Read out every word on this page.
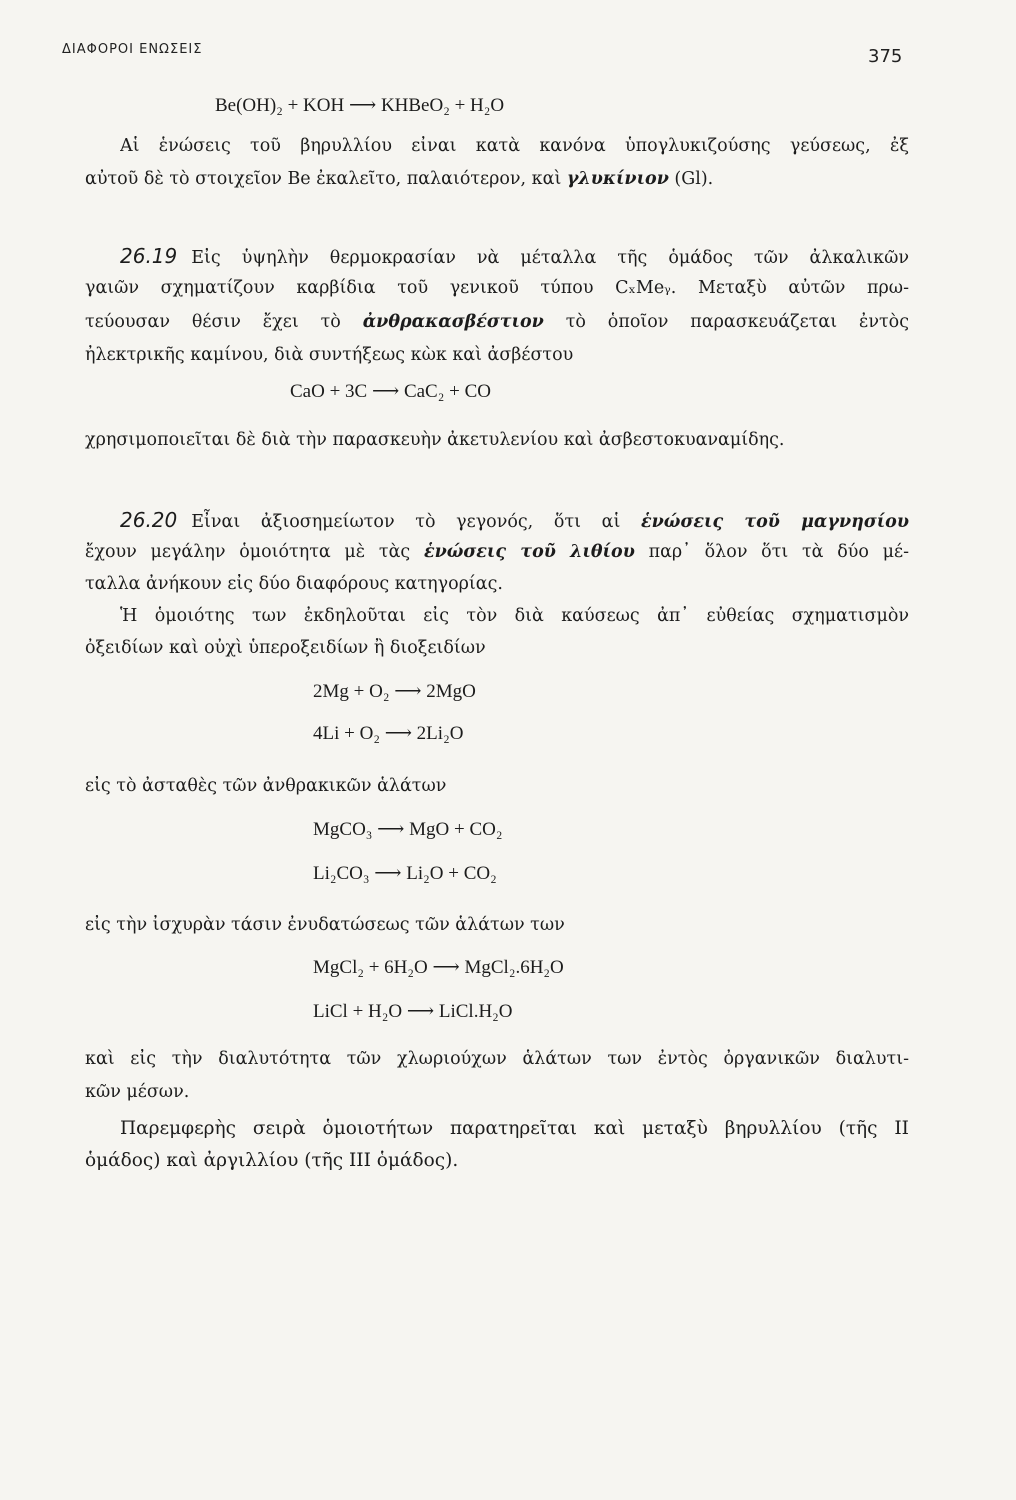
ΔΙΑΦΟΡΟΙ ΕΝΩΣΕΙΣ	375
Be(OH)₂ + KOH ⟶ KHBeO₂ + H₂O
Αἱ ἑνώσεις τοῦ βηρυλλίου εἶναι κατὰ κανόνα ὑπογλυκιζούσης γεύσεως, ἐξ
αὐτοῦ δὲ τὸ στοιχεῖον Be ἐκαλεῖτο, παλαιότερον, καὶ γλυκίνιον (Gl).
26.19 Εἰς ὑψηλὴν θερμοκρασίαν νὰ μέταλλα τῆς ὁμάδος τῶν ἀλκαλικῶν
γαιῶν σχηματίζουν καρβίδια τοῦ γενικοῦ τύπου CₓMeᵧ. Μεταξὺ αὐτῶν πρω-
τεύουσαν θέσιν ἔχει τὸ ἀνθρακασβέστιον τὸ ὁποῖον παρασκευάζεται ἐντὸς
ἠλεκτρικῆς καμίνου, διὰ συντήξεως κὼκ καὶ ἀσβέστου
CaO + 3C ⟶ CaC₂ + CO
χρησιμοποιεῖται δὲ διὰ τὴν παρασκευὴν ἀκετυλενίου καὶ ἀσβεστοκυαναμίδης.
26.20 Εἶναι ἀξιοσημείωτον τὸ γεγονός, ὅτι αἱ ἑνώσεις τοῦ μαγνησίου
ἔχουν μεγάλην ὁμοιότητα μὲ τὰς ἑνώσεις τοῦ λιθίου παρ᾽ ὅλον ὅτι τὰ δύο μέ-
ταλλα ἀνήκουν εἰς δύο διαφόρους κατηγορίας.
Ἡ ὁμοιότης των ἐκδηλοῦται εἰς τὸν διὰ καύσεως ἀπ᾽ εὐθείας σχηματισμὸν
ὀξειδίων καὶ οὐχὶ ὑπεροξειδίων ἢ διοξειδίων
2Mg + O₂ ⟶ 2MgO
4Li + O₂ ⟶ 2Li₂O
εἰς τὸ ἀσταθὲς τῶν ἀνθρακικῶν ἁλάτων
MgCO₃ ⟶ MgO + CO₂
Li₂CO₃ ⟶ Li₂O + CO₂
εἰς τὴν ἰσχυρὰν τάσιν ἐνυδατώσεως τῶν ἁλάτων των
MgCl₂ + 6H₂O ⟶ MgCl₂.6H₂O
LiCl + H₂O ⟶ LiCl.H₂O
καὶ εἰς τὴν διαλυτότητα τῶν χλωριούχων ἁλάτων των ἐντὸς ὀργανικῶν διαλυτι-
κῶν μέσων.
Παρεμφερὴς σειρὰ ὁμοιοτήτων παρατηρεῖται καὶ μεταξὺ βηρυλλίου (τῆς II
ὁμάδος) καὶ ἀργιλλίου (τῆς III ὁμάδος).
